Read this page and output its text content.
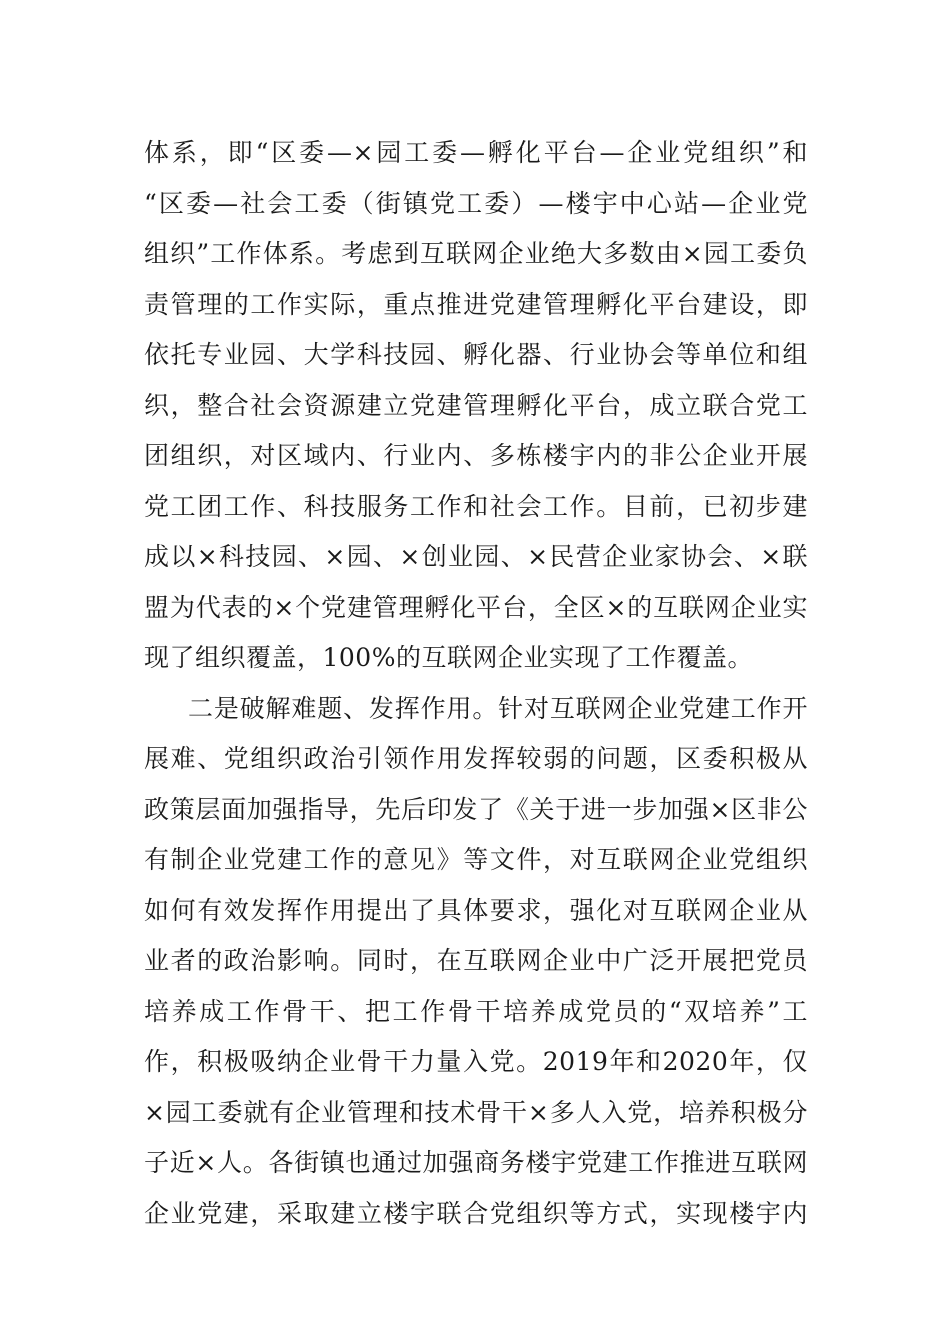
体系，即“区委—×园工委—孵化平台—企业党组织”和
“区委—社会工委（街镇党工委）—楼宇中心站—企业党
组织”工作体系。考虑到互联网企业绝大多数由×园工委负
责管理的工作实际，重点推进党建管理孵化平台建设，即
依托专业园、大学科技园、孵化器、行业协会等单位和组
织，整合社会资源建立党建管理孵化平台，成立联合党工
团组织，对区域内、行业内、多栋楼宇内的非公企业开展
党工团工作、科技服务工作和社会工作。目前，已初步建
成以×科技园、×园、×创业园、×民营企业家协会、×联
盟为代表的×个党建管理孵化平台，全区×的互联网企业实
现了组织覆盖，100%的互联网企业实现了工作覆盖。
二是破解难题、发挥作用。针对互联网企业党建工作开
展难、党组织政治引领作用发挥较弱的问题，区委积极从
政策层面加强指导，先后印发了《关于进一步加强×区非公
有制企业党建工作的意见》等文件，对互联网企业党组织
如何有效发挥作用提出了具体要求，强化对互联网企业从
业者的政治影响。同时，在互联网企业中广泛开展把党员
培养成工作骨干、把工作骨干培养成党员的“双培养”工
作，积极吸纳企业骨干力量入党。2019年和2020年，仅
×园工委就有企业管理和技术骨干×多人入党，培养积极分
子近×人。各街镇也通过加强商务楼宇党建工作推进互联网
企业党建，采取建立楼宇联合党组织等方式，实现楼宇内
